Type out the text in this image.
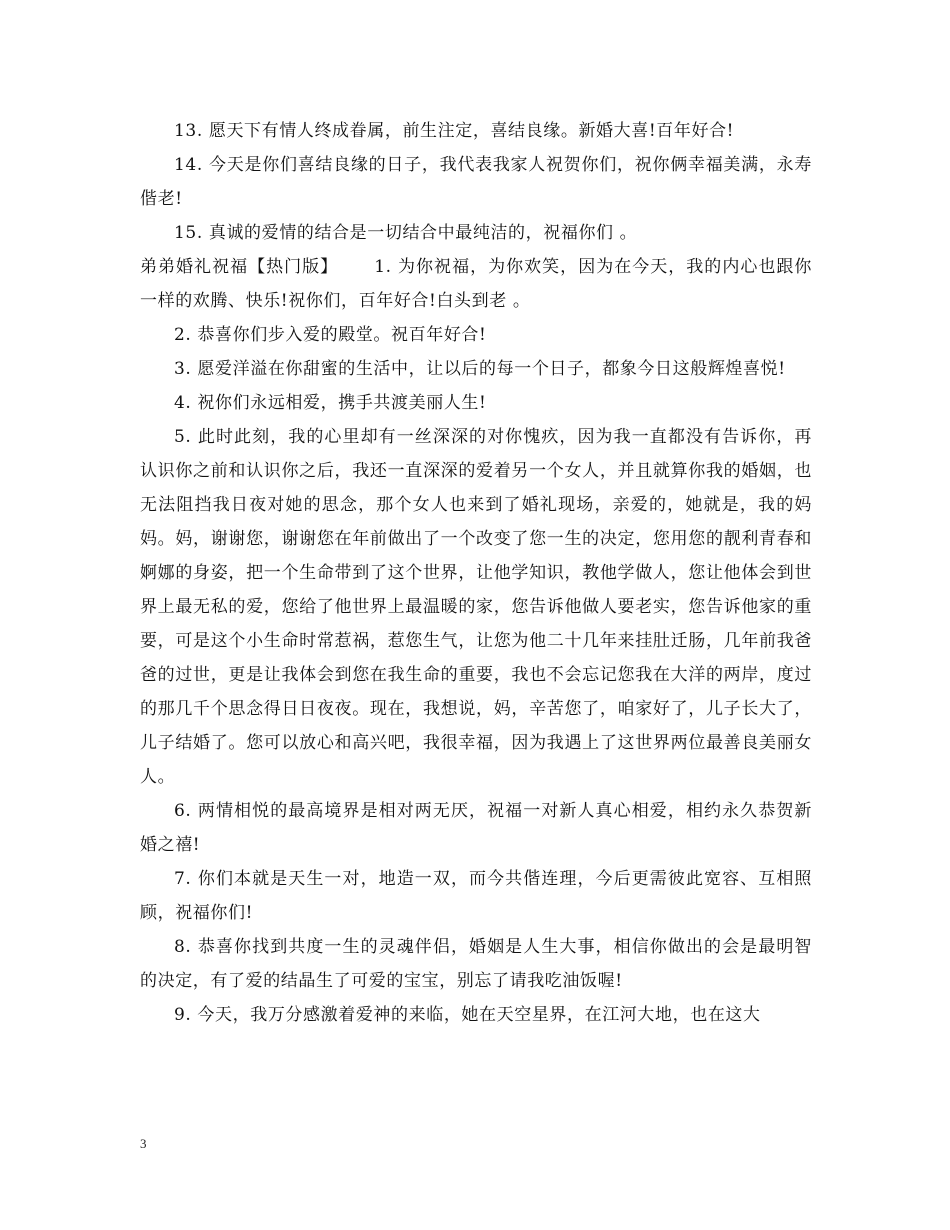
13. 愿天下有情人终成眷属，前生注定，喜结良缘。新婚大喜!百年好合!

14. 今天是你们喜结良缘的日子，我代表我家人祝贺你们，祝你俩幸福美满，永寿偕老!

15. 真诚的爱情的结合是一切结合中最纯洁的，祝福你们 。

弟弟婚礼祝福【热门版】 1. 为你祝福，为你欢笑，因为在今天，我的内心也跟你一样的欢腾、快乐!祝你们，百年好合!白头到老 。

2. 恭喜你们步入爱的殿堂。祝百年好合!

3. 愿爱洋溢在你甜蜜的生活中，让以后的每一个日子，都象今日这般辉煌喜悦!

4. 祝你们永远相爱，携手共渡美丽人生!

5. 此时此刻，我的心里却有一丝深深的对你愧疚，因为我一直都没有告诉你，再认识你之前和认识你之后，我还一直深深的爱着另一个女人，并且就算你我的婚姻，也无法阻挡我日夜对她的思念，那个女人也来到了婚礼现场，亲爱的，她就是，我的妈妈。妈，谢谢您，谢谢您在年前做出了一个改变了您一生的决定，您用您的靓利青春和婀娜的身姿，把一个生命带到了这个世界，让他学知识，教他学做人，您让他体会到世界上最无私的爱，您给了他世界上最温暖的家，您告诉他做人要老实，您告诉他家的重要，可是这个小生命时常惹祸，惹您生气，让您为他二十几年来挂肚迁肠，几年前我爸爸的过世，更是让我体会到您在我生命的重要，我也不会忘记您我在大洋的两岸，度过的那几千个思念得日日夜夜。现在，我想说，妈，辛苦您了，咱家好了，儿子长大了，儿子结婚了。您可以放心和高兴吧，我很幸福，因为我遇上了这世界两位最善良美丽女人。

6. 两情相悦的最高境界是相对两无厌，祝福一对新人真心相爱，相约永久恭贺新婚之禧!

7. 你们本就是天生一对，地造一双，而今共偕连理，今后更需彼此宽容、互相照顾，祝福你们!

8. 恭喜你找到共度一生的灵魂伴侣，婚姻是人生大事，相信你做出的会是最明智的决定，有了爱的结晶生了可爱的宝宝，别忘了请我吃油饭喔!

9. 今天，我万分感激着爱神的来临，她在天空星界，在江河大地，也在这大

3
